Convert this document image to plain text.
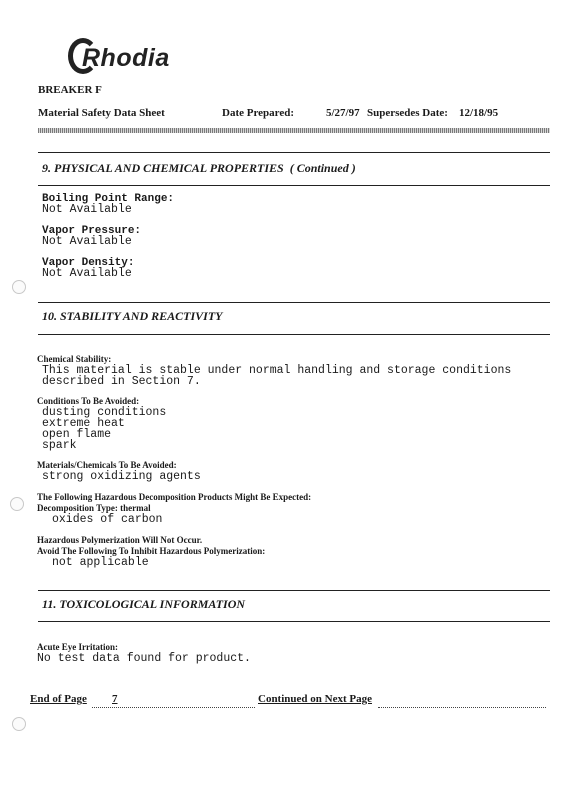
Rhodia
BREAKER F
Material Safety Data Sheet	Date Prepared:	5/27/97 Supersedes Date: 12/18/95
9. PHYSICAL AND CHEMICAL PROPERTIES ( Continued )
Boiling Point Range:
Not Available
Vapor Pressure:
Not Available
Vapor Density:
Not Available
10. STABILITY AND REACTIVITY
Chemical Stability:
This material is stable under normal handling and storage conditions
described in Section 7.
Conditions To Be Avoided:
dusting conditions
extreme heat
open flame
spark
Materials/Chemicals To Be Avoided:
strong oxidizing agents
The Following Hazardous Decomposition Products Might Be Expected:
Decomposition Type: thermal
oxides of carbon
Hazardous Polymerization Will Not Occur.
Avoid The Following To Inhibit Hazardous Polymerization:
not applicable
11. TOXICOLOGICAL INFORMATION
Acute Eye Irritation:
No test data found for product.
End of Page 7	Continued on Next Page
